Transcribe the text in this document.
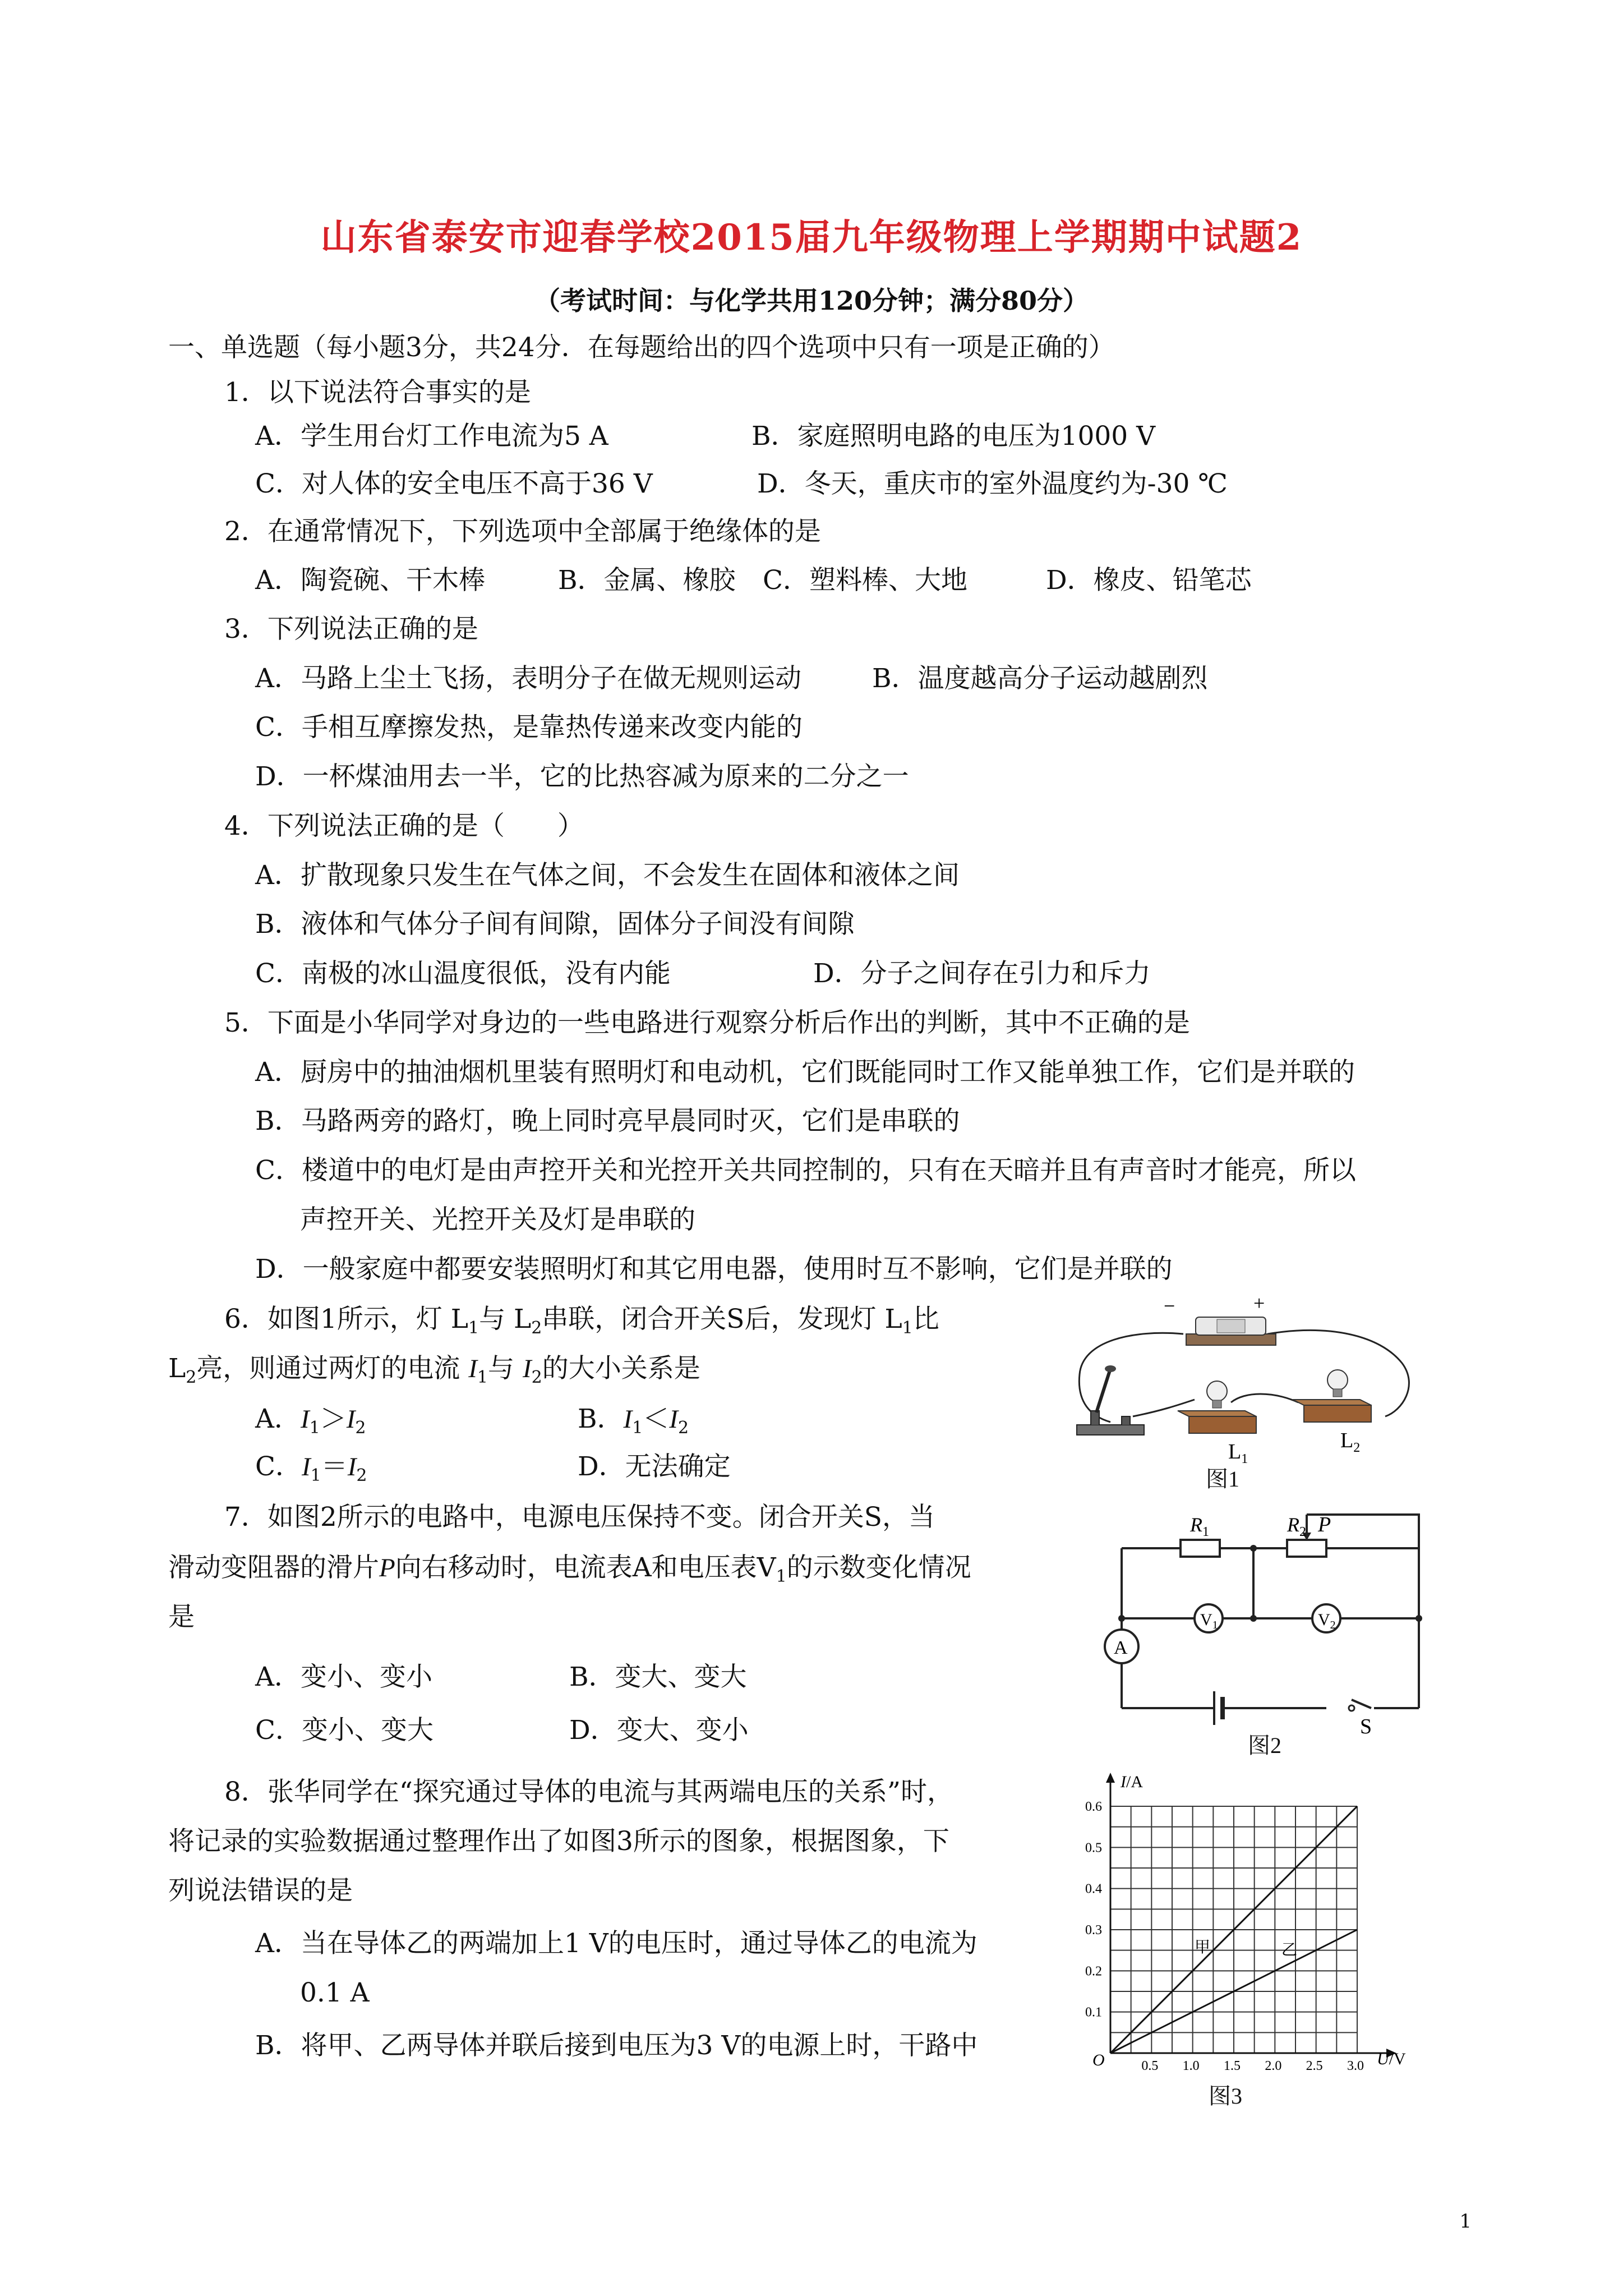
山东省泰安市迎春学校2015届九年级物理上学期期中试题2
（考试时间：与化学共用120分钟；满分80分）
一、单选题（每小题3分，共24分．在每题给出的四个选项中只有一项是正确的）
1．以下说法符合事实的是
A．学生用台灯工作电流为5 A	B．家庭照明电路的电压为1000 V
C．对人体的安全电压不高于36 V	D．冬天，重庆市的室外温度约为-30 ℃
2．在通常情况下，下列选项中全部属于绝缘体的是
A．陶瓷碗、干木棒	B．金属、橡胶 C．塑料棒、大地	D．橡皮、铅笔芯
3．下列说法正确的是
A．马路上尘土飞扬，表明分子在做无规则运动	B．温度越高分子运动越剧烈
C．手相互摩擦发热，是靠热传递来改变内能的
D．一杯煤油用去一半，它的比热容减为原来的二分之一
4．下列说法正确的是（　　）
A．扩散现象只发生在气体之间，不会发生在固体和液体之间
B．液体和气体分子间有间隙，固体分子间没有间隙
C．南极的冰山温度很低，没有内能	D．分子之间存在引力和斥力
5．下面是小华同学对身边的一些电路进行观察分析后作出的判断，其中不正确的是
A．厨房中的抽油烟机里装有照明灯和电动机，它们既能同时工作又能单独工作，它们是并联的
B．马路两旁的路灯，晚上同时亮早晨同时灭，它们是串联的
C．楼道中的电灯是由声控开关和光控开关共同控制的，只有在天暗并且有声音时才能亮，所以
声控开关、光控开关及灯是串联的
D．一般家庭中都要安装照明灯和其它用电器，使用时互不影响，它们是并联的
6．如图1所示，灯 $L_1$与 $L_2$串联，闭合开关S后，发现灯 $L_1$比
$L_2$亮，则通过两灯的电流 $I_1$与 $I_2$的大小关系是
A．$I_1>I_2$	B．$I_1<I_2$
C．$I_1=I_2$	D．无法确定
7．如图2所示的电路中，电源电压保持不变。闭合开关S，当
滑动变阻器的滑片P向右移动时，电流表A和电压表$V_1$的示数变化情况
是
A．变小、变小	B．变大、变大
C．变小、变大	D．变大、变小
8．张华同学在“探究通过导体的电流与其两端电压的关系”时，
将记录的实验数据通过整理作出了如图3所示的图象，根据图象，下
列说法错误的是
A．当在导体乙的两端加上1 V的电压时，通过导体乙的电流为
0.1 A
B．将甲、乙两导体并联后接到电压为3 V的电源上时，干路中
−	+
$L_1$
$L_2$
图1
$R_1$	$R_2$ P
A
$V_1$	$V_2$
S
图2
0.5 1.0 1.5 2.0 2.5 3.0
0.1
0.2
0.3
0.4
0.5
0.6
I/A
U/V
O
甲	乙
图3
1
